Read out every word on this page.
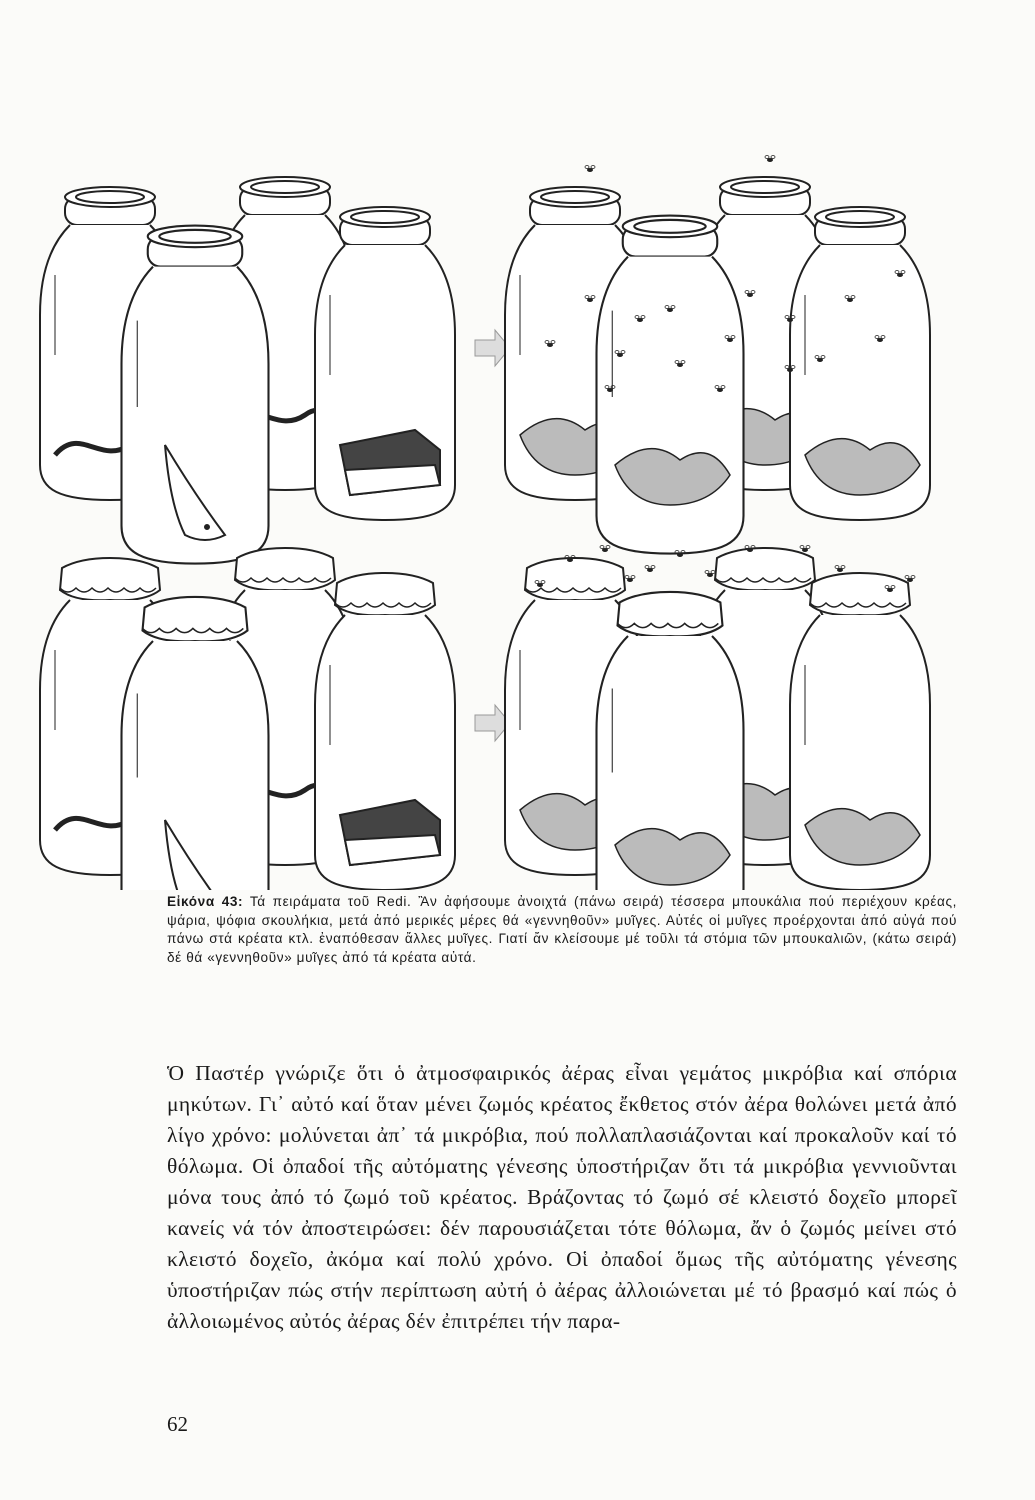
Εἰκόνα 43: Τά πειράματα τοῦ Redi. Ἂν ἀφήσουμε ἀνοιχτά (πάνω σειρά) τέσσερα μπουκάλια πού περιέχουν κρέας, ψάρια, ψόφια σκουλήκια, μετά ἀπό μερικές μέρες θά «γεννηθοῦν» μυῖγες. Αὐτές οἱ μυῖγες προέρχονται ἀπό αὐγά πού πάνω στά κρέατα κτλ. ἐναπόθεσαν ἄλλες μυῖγες. Γιατί ἄν κλείσουμε μέ τοῦλι τά στόμια τῶν μπουκαλιῶν, (κάτω σειρά) δέ θά «γεννηθοῦν» μυῖγες ἀπό τά κρέατα αὐτά.

Ὁ Παστέρ γνώριζε ὅτι ὁ ἀτμοσφαιρικός ἀέρας εἶναι γεμάτος μικρόβια καί σπόρια μηκύτων. Γι᾽ αὐτό καί ὅταν μένει ζωμός κρέατος ἔκθετος στόν ἀέρα θολώνει μετά ἀπό λίγο χρόνο: μολύνεται ἀπ᾽ τά μικρόβια, πού πολλαπλασιάζονται καί προκαλοῦν καί τό θόλωμα. Οἱ ὀπαδοί τῆς αὐτόματης γένεσης ὑποστήριζαν ὅτι τά μικρόβια γεννιοῦνται μόνα τους ἀπό τό ζωμό τοῦ κρέατος. Βράζοντας τό ζωμό σέ κλειστό δοχεῖο μπορεῖ κανείς νά τόν ἀποστειρώσει: δέν παρουσιάζεται τότε θόλωμα, ἄν ὁ ζωμός μείνει στό κλειστό δοχεῖο, ἀκόμα καί πολύ χρόνο. Οἱ ὀπαδοί ὅμως τῆς αὐτόματης γένεσης ὑποστήριζαν πώς στήν περίπτωση αὐτή ὁ ἀέρας ἀλλοιώνεται μέ τό βρασμό καί πώς ὁ ἀλλοιωμένος αὐτός ἀέρας δέν ἐπιτρέπει τήν παρα-

62
